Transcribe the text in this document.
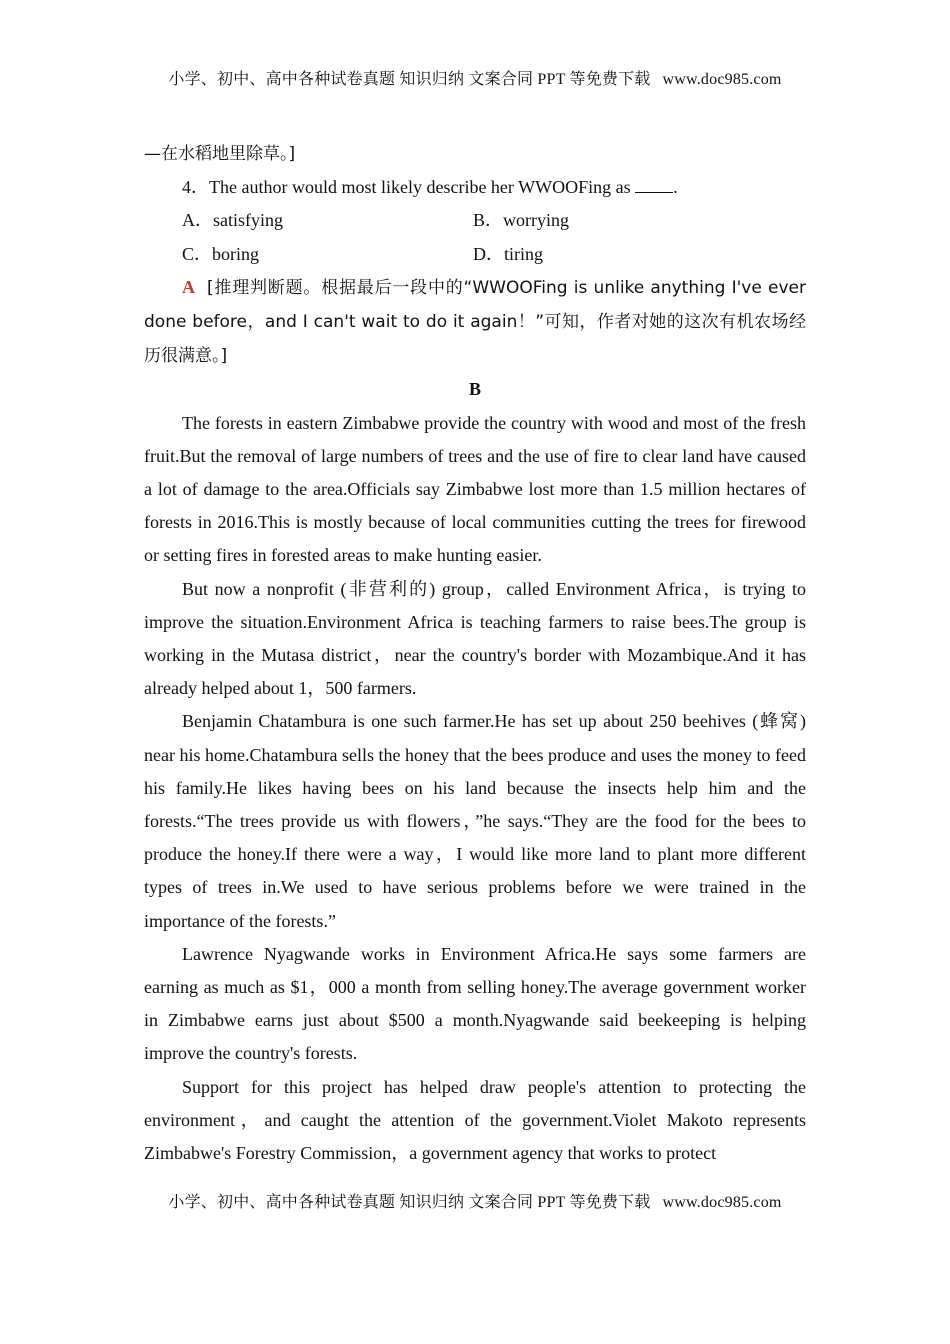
小学、初中、高中各种试卷真题 知识归纳 文案合同 PPT 等免费下载 www.doc985.com

—在水稻地里除草。]

4．The author would most likely describe her WWOOFing as .

A．satisfying	B．worrying
C．boring	D．tiring

A [推理判断题。根据最后一段中的“WWOOFing is unlike anything I've ever done before，and I can't wait to do it again！”可知，作者对她的这次有机农场经历很满意。]

B

The forests in eastern Zimbabwe provide the country with wood and most of the fresh fruit.But the removal of large numbers of trees and the use of fire to clear land have caused a lot of damage to the area.Officials say Zimbabwe lost more than 1.5 million hectares of forests in 2016.This is mostly because of local communities cutting the trees for firewood or setting fires in forested areas to make hunting easier.

But now a nonprofit (非营利的) group，called Environment Africa，is trying to improve the situation.Environment Africa is teaching farmers to raise bees.The group is working in the Mutasa district，near the country's border with Mozambique.And it has already helped about 1，500 farmers.

Benjamin Chatambura is one such farmer.He has set up about 250 beehives (蜂窝) near his home.Chatambura sells the honey that the bees produce and uses the money to feed his family.He likes having bees on his land because the insects help him and the forests.“The trees provide us with flowers，”he says.“They are the food for the bees to produce the honey.If there were a way，I would like more land to plant more different types of trees in.We used to have serious problems before we were trained in the importance of the forests.”

Lawrence Nyagwande works in Environment Africa.He says some farmers are earning as much as $1，000 a month from selling honey.The average government worker in Zimbabwe earns just about $500 a month.Nyagwande said beekeeping is helping improve the country's forests.

Support for this project has helped draw people's attention to protecting the environment，and caught the attention of the government.Violet Makoto represents Zimbabwe's Forestry Commission，a government agency that works to protect

小学、初中、高中各种试卷真题 知识归纳 文案合同 PPT 等免费下载 www.doc985.com
